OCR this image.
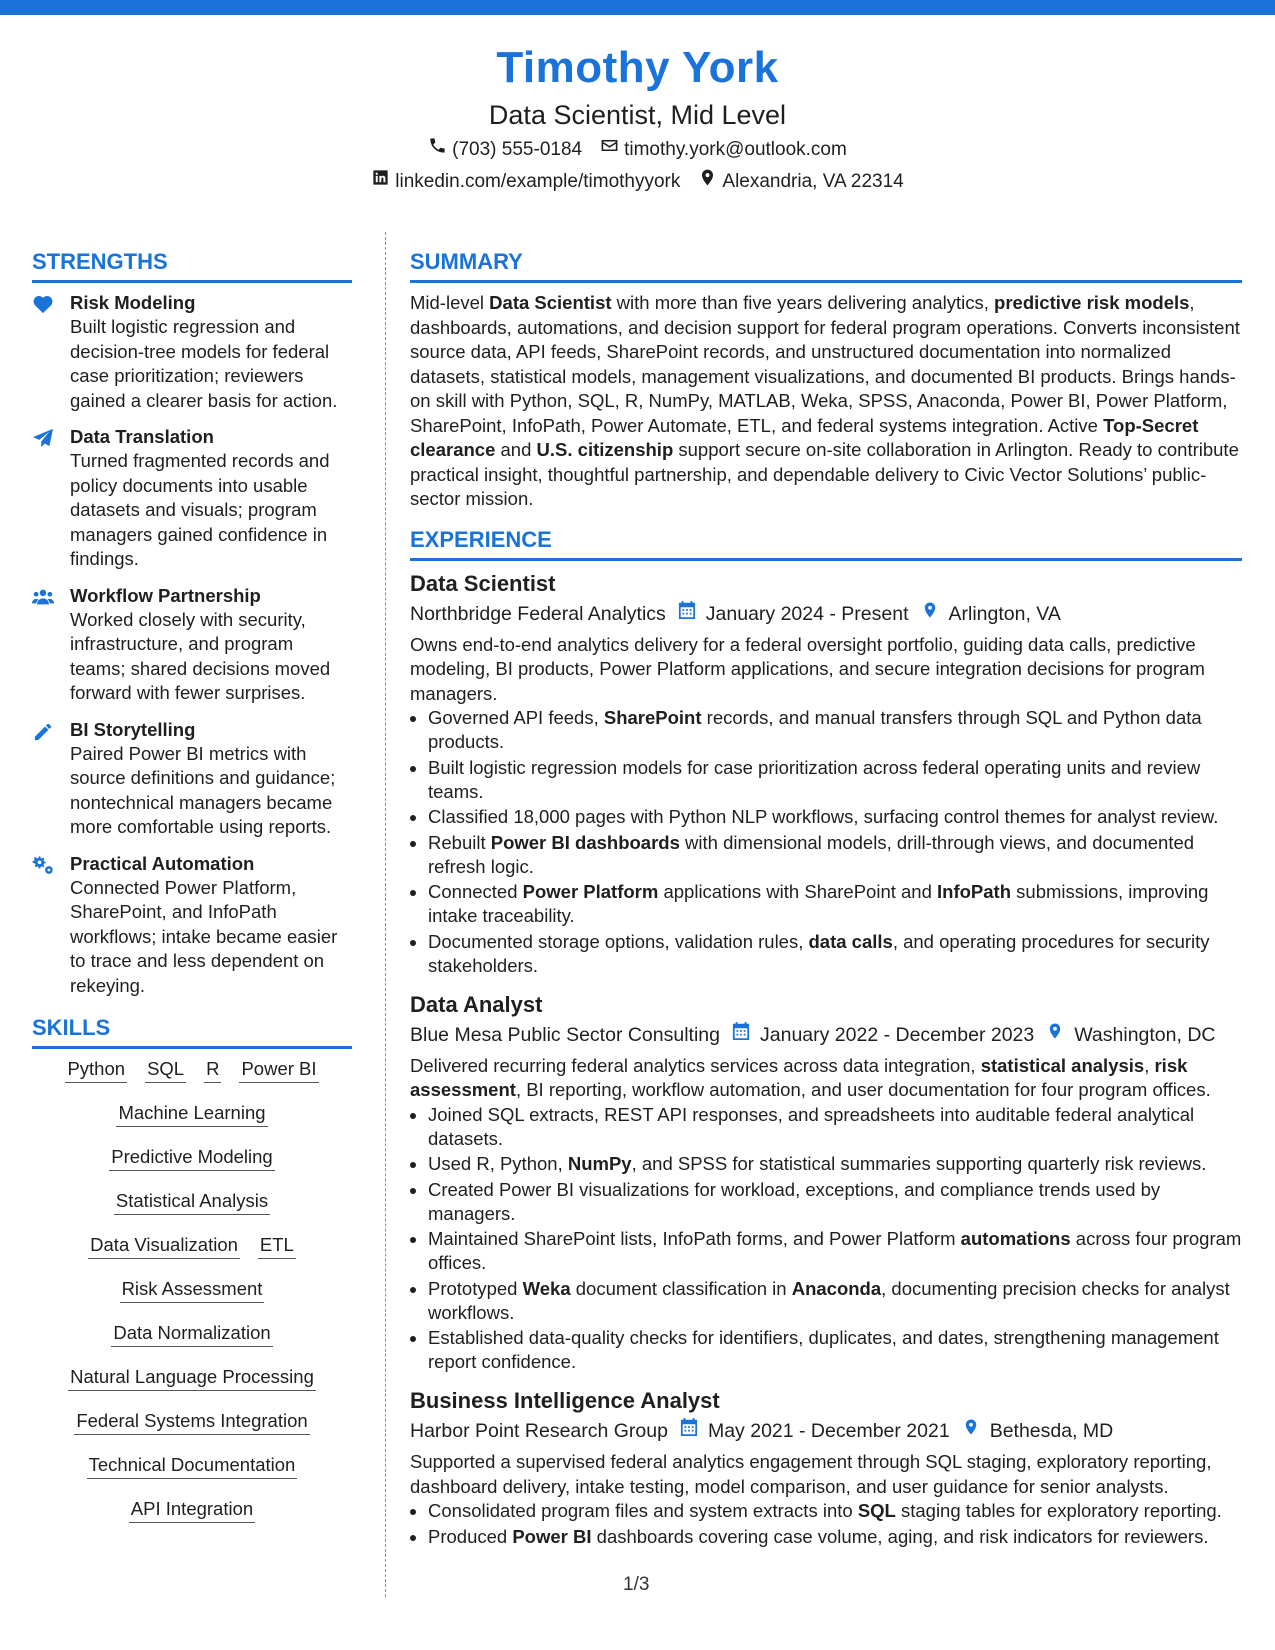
Timothy York
Data Scientist, Mid Level
(703) 555-0184 timothy.york@outlook.com
linkedin.com/example/timothyyork Alexandria, VA 22314
STRENGTHS
Risk Modeling
Built logistic regression and decision-tree models for federal case prioritization; reviewers gained a clearer basis for action.
Data Translation
Turned fragmented records and policy documents into usable datasets and visuals; program managers gained confidence in findings.
Workflow Partnership
Worked closely with security, infrastructure, and program teams; shared decisions moved forward with fewer surprises.
BI Storytelling
Paired Power BI metrics with source definitions and guidance; nontechnical managers became more comfortable using reports.
Practical Automation
Connected Power Platform, SharePoint, and InfoPath workflows; intake became easier to trace and less dependent on rekeying.
SKILLS
Python SQL R Power BI
Machine Learning
Predictive Modeling
Statistical Analysis
Data Visualization ETL
Risk Assessment
Data Normalization
Natural Language Processing
Federal Systems Integration
Technical Documentation
API Integration
SUMMARY
Mid-level Data Scientist with more than five years delivering analytics, predictive risk models, dashboards, automations, and decision support for federal program operations. Converts inconsistent source data, API feeds, SharePoint records, and unstructured documentation into normalized datasets, statistical models, management visualizations, and documented BI products. Brings hands-on skill with Python, SQL, R, NumPy, MATLAB, Weka, SPSS, Anaconda, Power BI, Power Platform, SharePoint, InfoPath, Power Automate, ETL, and federal systems integration. Active Top-Secret clearance and U.S. citizenship support secure on-site collaboration in Arlington. Ready to contribute practical insight, thoughtful partnership, and dependable delivery to Civic Vector Solutions’ public-sector mission.
EXPERIENCE
Data Scientist
Northbridge Federal Analytics January 2024 - Present Arlington, VA
Owns end-to-end analytics delivery for a federal oversight portfolio, guiding data calls, predictive modeling, BI products, Power Platform applications, and secure integration decisions for program managers.
• Governed API feeds, SharePoint records, and manual transfers through SQL and Python data products.
• Built logistic regression models for case prioritization across federal operating units and review teams.
• Classified 18,000 pages with Python NLP workflows, surfacing control themes for analyst review.
• Rebuilt Power BI dashboards with dimensional models, drill-through views, and documented refresh logic.
• Connected Power Platform applications with SharePoint and InfoPath submissions, improving intake traceability.
• Documented storage options, validation rules, data calls, and operating procedures for security stakeholders.
Data Analyst
Blue Mesa Public Sector Consulting January 2022 - December 2023 Washington, DC
Delivered recurring federal analytics services across data integration, statistical analysis, risk assessment, BI reporting, workflow automation, and user documentation for four program offices.
• Joined SQL extracts, REST API responses, and spreadsheets into auditable federal analytical datasets.
• Used R, Python, NumPy, and SPSS for statistical summaries supporting quarterly risk reviews.
• Created Power BI visualizations for workload, exceptions, and compliance trends used by managers.
• Maintained SharePoint lists, InfoPath forms, and Power Platform automations across four program offices.
• Prototyped Weka document classification in Anaconda, documenting precision checks for analyst workflows.
• Established data-quality checks for identifiers, duplicates, and dates, strengthening management report confidence.
Business Intelligence Analyst
Harbor Point Research Group May 2021 - December 2021 Bethesda, MD
Supported a supervised federal analytics engagement through SQL staging, exploratory reporting, dashboard delivery, intake testing, model comparison, and user guidance for senior analysts.
• Consolidated program files and system extracts into SQL staging tables for exploratory reporting.
• Produced Power BI dashboards covering case volume, aging, and risk indicators for reviewers.
1/3
